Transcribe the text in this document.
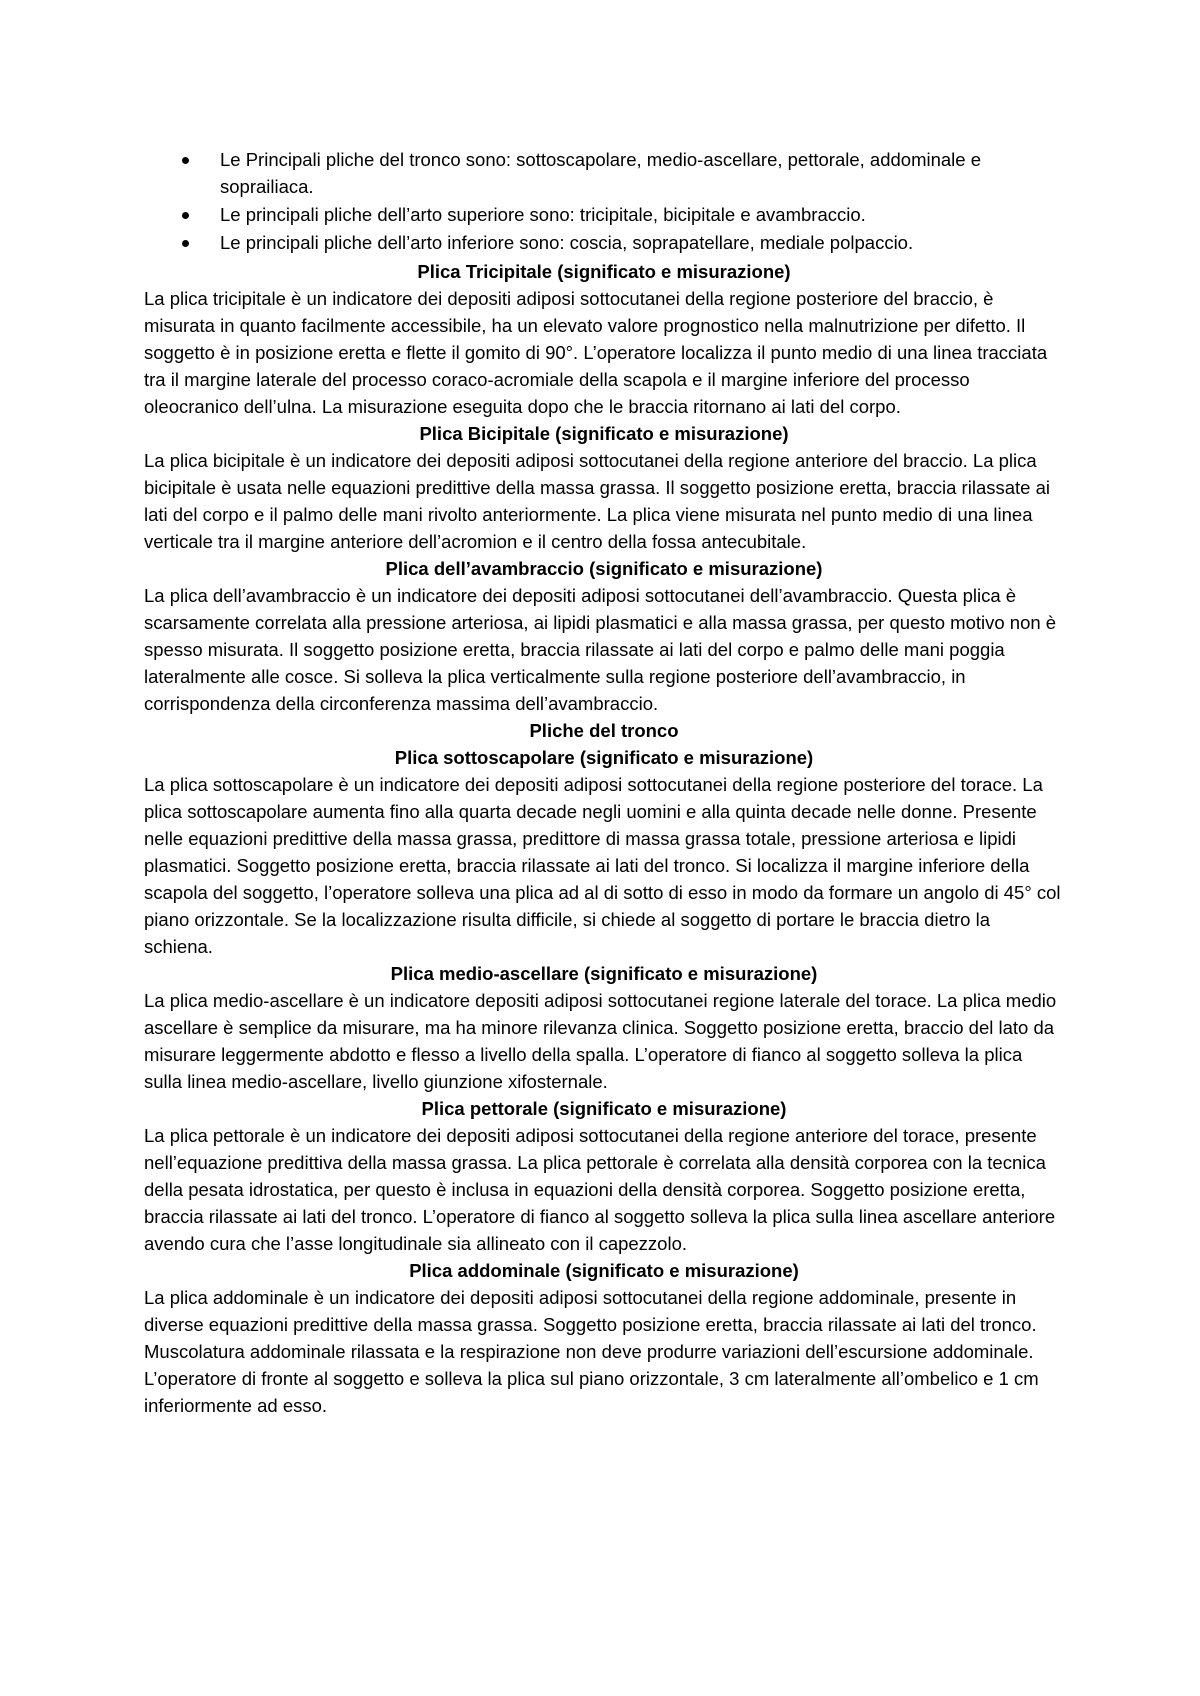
Le Principali pliche del tronco sono: sottoscapolare, medio-ascellare, pettorale, addominale e soprailiaca.
Le principali pliche dell’arto superiore sono: tricipitale, bicipitale e avambraccio.
Le principali pliche dell’arto inferiore sono: coscia, soprapatellare, mediale polpaccio.
Plica Tricipitale (significato e misurazione)

La plica tricipitale è un indicatore dei depositi adiposi sottocutanei della regione posteriore del braccio, è misurata in quanto facilmente accessibile, ha un elevato valore prognostico nella malnutrizione per difetto. Il soggetto è in posizione eretta e flette il gomito di 90°. L’operatore localizza il punto medio di una linea tracciata tra il margine laterale del processo coraco-acromiale della scapola e il margine inferiore del processo oleocranico dell’ulna. La misurazione eseguita dopo che le braccia ritornano ai lati del corpo.

Plica Bicipitale (significato e misurazione)

La plica bicipitale è un indicatore dei depositi adiposi sottocutanei della regione anteriore del braccio. La plica bicipitale è usata nelle equazioni predittive della massa grassa. Il soggetto posizione eretta, braccia rilassate ai lati del corpo e il palmo delle mani rivolto anteriormente. La plica viene misurata nel punto medio di una linea verticale tra il margine anteriore dell’acromion e il centro della fossa antecubitale.

Plica dell’avambraccio (significato e misurazione)

La plica dell’avambraccio è un indicatore dei depositi adiposi sottocutanei dell’avambraccio. Questa plica è scarsamente correlata alla pressione arteriosa, ai lipidi plasmatici e alla massa grassa, per questo motivo non è spesso misurata. Il soggetto posizione eretta, braccia rilassate ai lati del corpo e palmo delle mani poggia lateralmente alle cosce. Si solleva la plica verticalmente sulla regione posteriore dell’avambraccio, in corrispondenza della circonferenza massima dell’avambraccio.

Pliche del tronco
Plica sottoscapolare (significato e misurazione)

La plica sottoscapolare è un indicatore dei depositi adiposi sottocutanei della regione posteriore del torace. La plica sottoscapolare aumenta fino alla quarta decade negli uomini e alla quinta decade nelle donne. Presente nelle equazioni predittive della massa grassa, predittore di massa grassa totale, pressione arteriosa e lipidi plasmatici. Soggetto posizione eretta, braccia rilassate ai lati del tronco. Si localizza il margine inferiore della scapola del soggetto, l’operatore solleva una plica ad al di sotto di esso in modo da formare un angolo di 45° col piano orizzontale. Se la localizzazione risulta difficile, si chiede al soggetto di portare le braccia dietro la schiena.

Plica medio-ascellare (significato e misurazione)

La plica medio-ascellare è un indicatore depositi adiposi sottocutanei regione laterale del torace. La plica medio ascellare è semplice da misurare, ma ha minore rilevanza clinica. Soggetto posizione eretta, braccio del lato da misurare leggermente abdotto e flesso a livello della spalla. L’operatore di fianco al soggetto solleva la plica sulla linea medio-ascellare, livello giunzione xifosternale.

Plica pettorale (significato e misurazione)

La plica pettorale è un indicatore dei depositi adiposi sottocutanei della regione anteriore del torace, presente nell’equazione predittiva della massa grassa. La plica pettorale è correlata alla densità corporea con la tecnica della pesata idrostatica, per questo è inclusa in equazioni della densità corporea. Soggetto posizione eretta, braccia rilassate ai lati del tronco. L’operatore di fianco al soggetto solleva la plica sulla linea ascellare anteriore avendo cura che l’asse longitudinale sia allineato con il capezzolo.

Plica addominale (significato e misurazione)

La plica addominale è un indicatore dei depositi adiposi sottocutanei della regione addominale, presente in diverse equazioni predittive della massa grassa. Soggetto posizione eretta, braccia rilassate ai lati del tronco. Muscolatura addominale rilassata e la respirazione non deve produrre variazioni dell’escursione addominale. L’operatore di fronte al soggetto e solleva la plica sul piano orizzontale, 3 cm lateralmente all’ombelico e 1 cm inferiormente ad esso.
